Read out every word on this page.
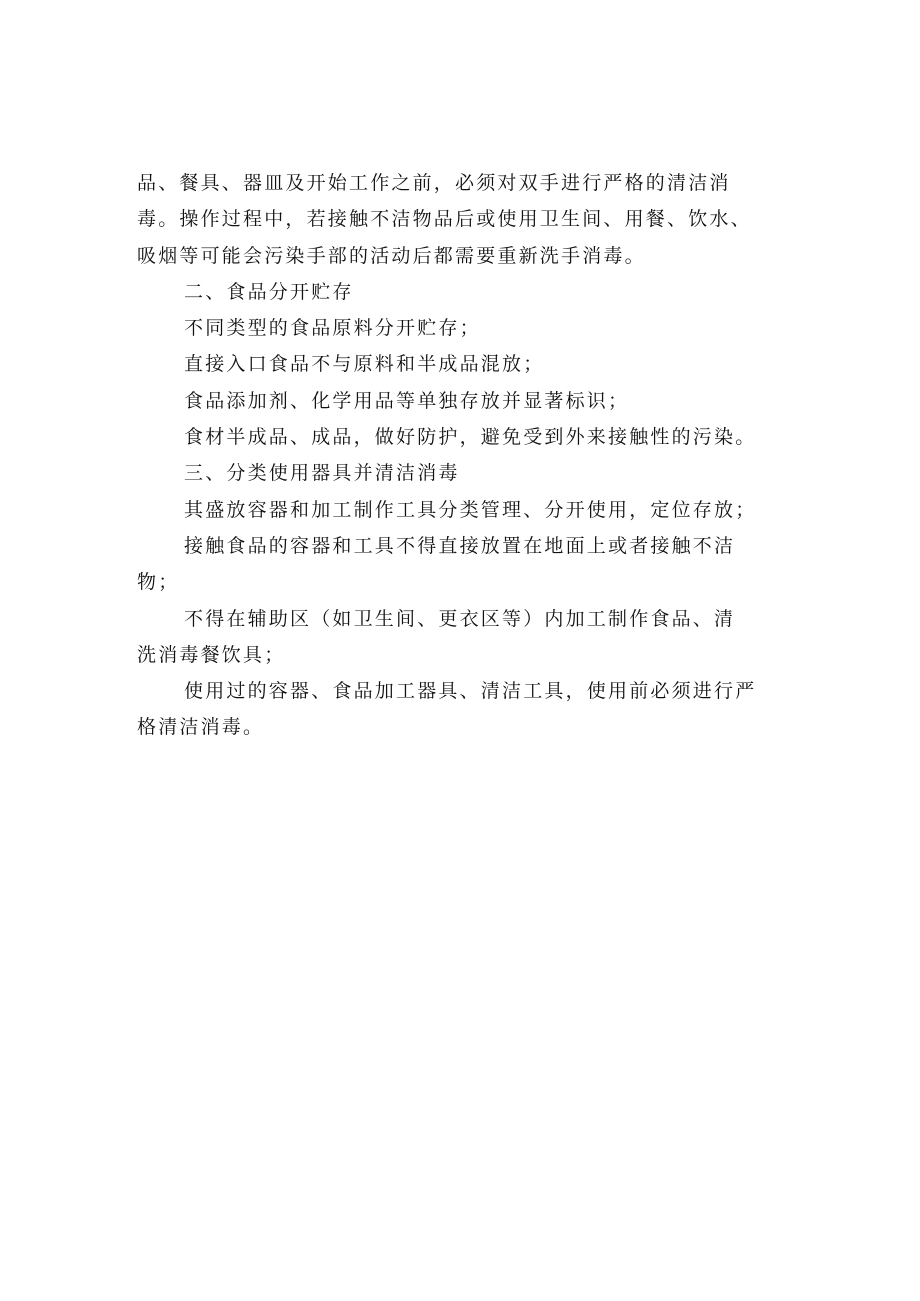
品、餐具、器皿及开始工作之前，必须对双手进行严格的清洁消
毒。操作过程中，若接触不洁物品后或使用卫生间、用餐、饮水、
吸烟等可能会污染手部的活动后都需要重新洗手消毒。
二、食品分开贮存
不同类型的食品原料分开贮存；
直接入口食品不与原料和半成品混放；
食品添加剂、化学用品等单独存放并显著标识；
食材半成品、成品，做好防护，避免受到外来接触性的污染。
三、分类使用器具并清洁消毒
其盛放容器和加工制作工具分类管理、分开使用，定位存放；
接触食品的容器和工具不得直接放置在地面上或者接触不洁
物；
不得在辅助区（如卫生间、更衣区等）内加工制作食品、清
洗消毒餐饮具；
使用过的容器、食品加工器具、清洁工具，使用前必须进行严
格清洁消毒。
